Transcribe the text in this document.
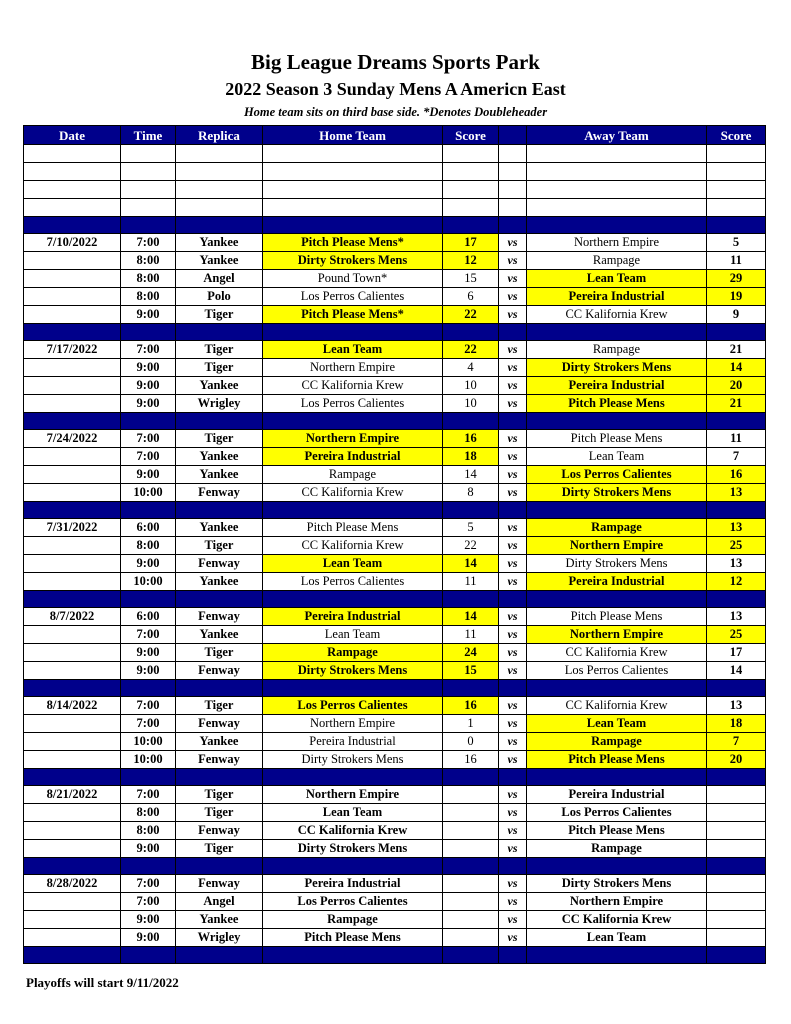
Big League Dreams Sports Park
2022 Season 3 Sunday Mens A Americn East
Home team sits on third base side. *Denotes Doubleheader
Date	Time	Replica	Home Team	Score		Away Team	Score

7/10/2022	7:00	Yankee	Pitch Please Mens*	17	vs	Northern Empire	5
	8:00	Yankee	Dirty Strokers Mens	12	vs	Rampage	11
	8:00	Angel	Pound Town*	15	vs	Lean Team	29
	8:00	Polo	Los Perros Calientes	6	vs	Pereira Industrial	19
	9:00	Tiger	Pitch Please Mens*	22	vs	CC Kalifornia Krew	9

7/17/2022	7:00	Tiger	Lean Team	22	vs	Rampage	21
	9:00	Tiger	Northern Empire	4	vs	Dirty Strokers Mens	14
	9:00	Yankee	CC Kalifornia Krew	10	vs	Pereira Industrial	20
	9:00	Wrigley	Los Perros Calientes	10	vs	Pitch Please Mens	21

7/24/2022	7:00	Tiger	Northern Empire	16	vs	Pitch Please Mens	11
	7:00	Yankee	Pereira Industrial	18	vs	Lean Team	7
	9:00	Yankee	Rampage	14	vs	Los Perros Calientes	16
	10:00	Fenway	CC Kalifornia Krew	8	vs	Dirty Strokers Mens	13

7/31/2022	6:00	Yankee	Pitch Please Mens	5	vs	Rampage	13
	8:00	Tiger	CC Kalifornia Krew	22	vs	Northern Empire	25
	9:00	Fenway	Lean Team	14	vs	Dirty Strokers Mens	13
	10:00	Yankee	Los Perros Calientes	11	vs	Pereira Industrial	12

8/7/2022	6:00	Fenway	Pereira Industrial	14	vs	Pitch Please Mens	13
	7:00	Yankee	Lean Team	11	vs	Northern Empire	25
	9:00	Tiger	Rampage	24	vs	CC Kalifornia Krew	17
	9:00	Fenway	Dirty Strokers Mens	15	vs	Los Perros Calientes	14

8/14/2022	7:00	Tiger	Los Perros Calientes	16	vs	CC Kalifornia Krew	13
	7:00	Fenway	Northern Empire	1	vs	Lean Team	18
	10:00	Yankee	Pereira Industrial	0	vs	Rampage	7
	10:00	Fenway	Dirty Strokers Mens	16	vs	Pitch Please Mens	20

8/21/2022	7:00	Tiger	Northern Empire		vs	Pereira Industrial	
	8:00	Tiger	Lean Team		vs	Los Perros Calientes	
	8:00	Fenway	CC Kalifornia Krew		vs	Pitch Please Mens	
	9:00	Tiger	Dirty Strokers Mens		vs	Rampage	

8/28/2022	7:00	Fenway	Pereira Industrial		vs	Dirty Strokers Mens	
	7:00	Angel	Los Perros Calientes		vs	Northern Empire	
	9:00	Yankee	Rampage		vs	CC Kalifornia Krew	
	9:00	Wrigley	Pitch Please Mens		vs	Lean Team	

Playoffs will start 9/11/2022
